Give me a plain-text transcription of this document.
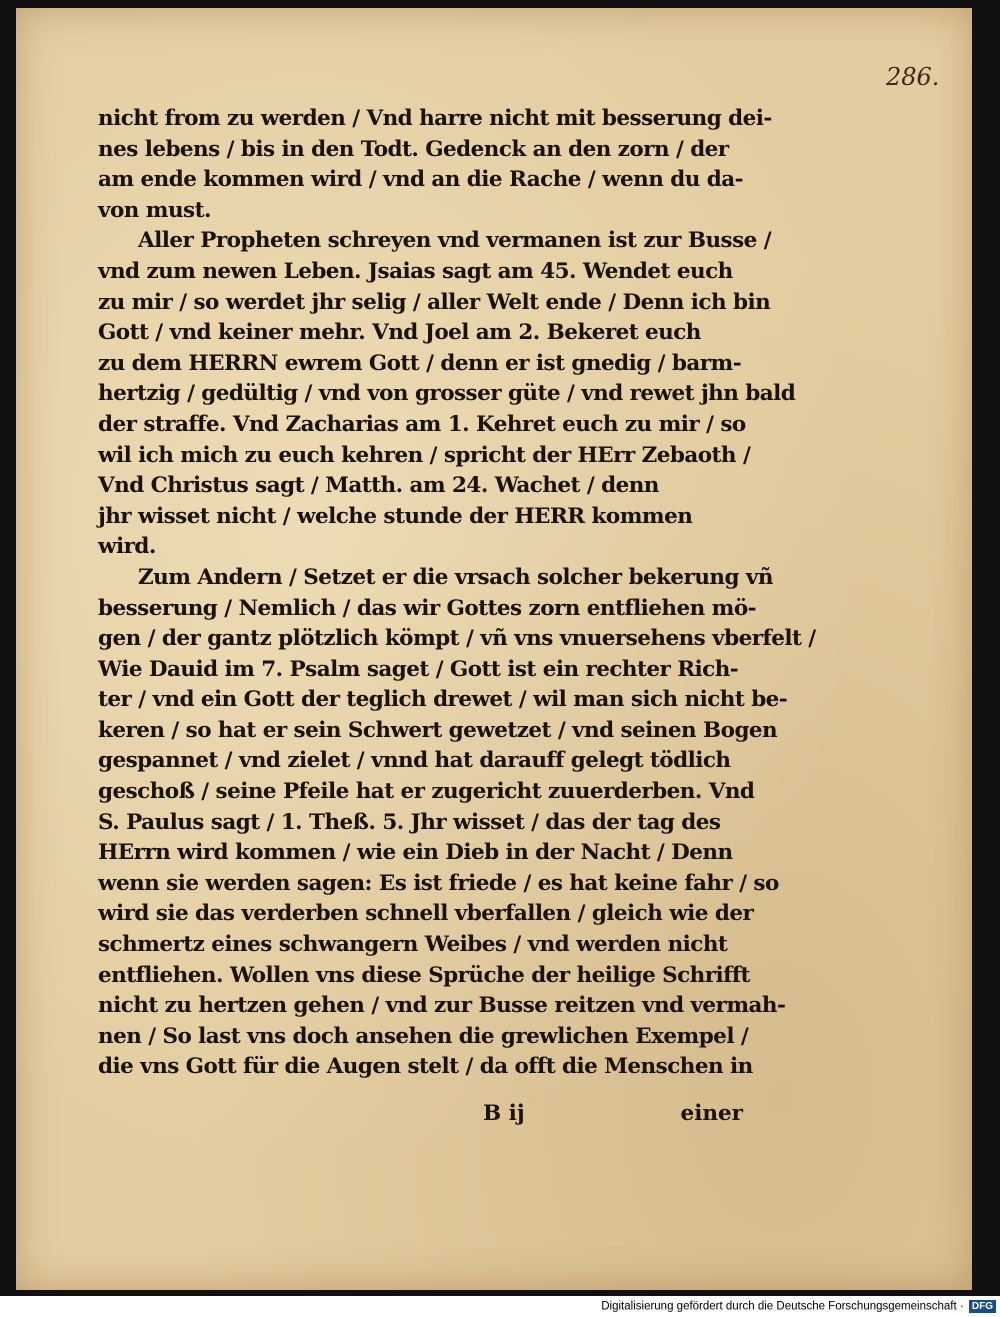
286.
nicht from zu werden / Vnd harre nicht mit besserung dei‑
nes lebens / bis in den Todt. Gedenck an den zorn / der
am ende kommen wird / vnd an die Rache / wenn du da‑
von must.
Aller Propheten schreyen vnd vermanen ist zur Busse /
vnd zum newen Leben. Jsaias sagt am 45. Wendet euch
zu mir / so werdet jhr selig / aller Welt ende / Denn ich bin
Gott / vnd keiner mehr. Vnd Joel am 2. Bekeret euch
zu dem HERRN ewrem Gott / denn er ist gnedig / barm‑
hertzig / gedültig / vnd von grosser güte / vnd rewet jhn bald
der straffe. Vnd Zacharias am 1. Kehret euch zu mir / so
wil ich mich zu euch kehren / spricht der HErr Zebaoth /
Vnd Christus sagt / Matth. am 24. Wachet / denn
jhr wisset nicht / welche stunde der HERR kommen
wird.
Zum Andern / Setzet er die vrsach solcher bekerung vñ
besserung / Nemlich / das wir Gottes zorn entfliehen mö‑
gen / der gantz plötzlich kömpt / vñ vns vnuersehens vberfelt /
Wie Dauid im 7. Psalm saget / Gott ist ein rechter Rich‑
ter / vnd ein Gott der teglich drewet / wil man sich nicht be‑
keren / so hat er sein Schwert gewetzet / vnd seinen Bogen
gespannet / vnd zielet / vnnd hat darauff gelegt tödlich
geschoß / seine Pfeile hat er zugericht zuuerderben. Vnd
S. Paulus sagt / 1. Theß. 5. Jhr wisset / das der tag des
HErrn wird kommen / wie ein Dieb in der Nacht / Denn
wenn sie werden sagen: Es ist friede / es hat keine fahr / so
wird sie das verderben schnell vberfallen / gleich wie der
schmertz eines schwangern Weibes / vnd werden nicht
entfliehen. Wollen vns diese Sprüche der heilige Schrifft
nicht zu hertzen gehen / vnd zur Busse reitzen vnd vermah‑
nen / So last vns doch ansehen die grewlichen Exempel /
die vns Gott für die Augen stelt / da offt die Menschen in
B ij	einer
Digitalisierung gefördert durch die Deutsche Forschungsgemeinschaft · DFG
